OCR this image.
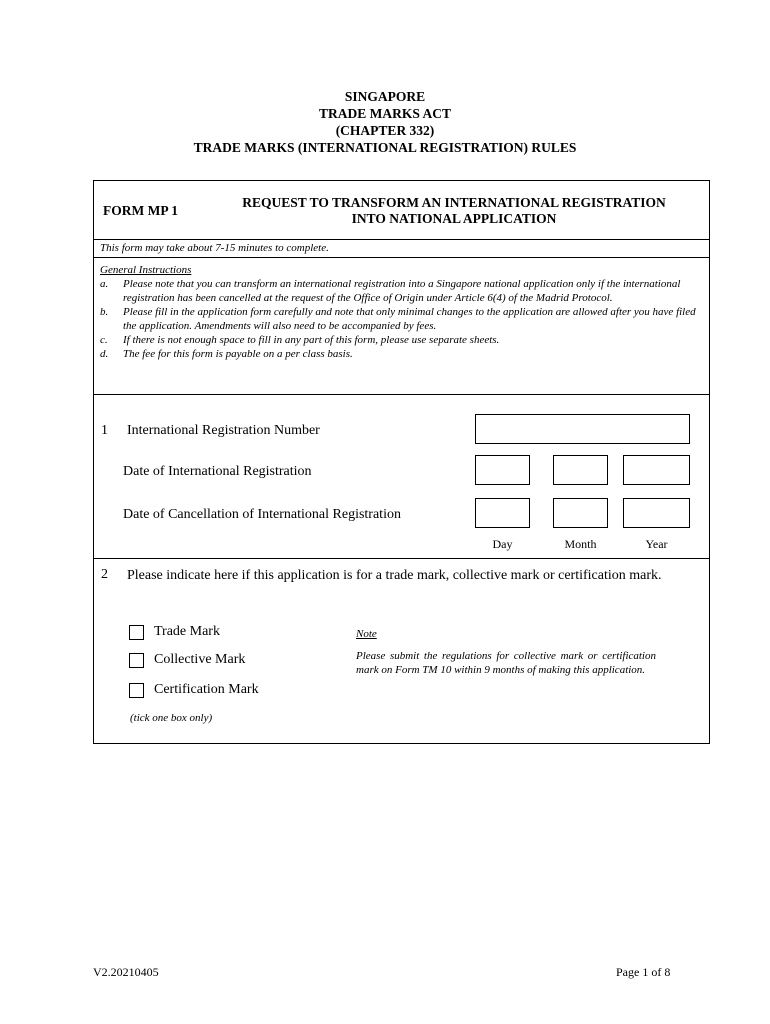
SINGAPORE
TRADE MARKS ACT
(CHAPTER 332)
TRADE MARKS (INTERNATIONAL REGISTRATION) RULES
FORM MP 1
REQUEST TO TRANSFORM AN INTERNATIONAL REGISTRATION
INTO NATIONAL APPLICATION
This form may take about 7-15 minutes to complete.
General Instructions
a.	Please note that you can transform an international registration into a Singapore national application only if the international registration has been cancelled at the request of the Office of Origin under Article 6(4) of the Madrid Protocol.
b.	Please fill in the application form carefully and note that only minimal changes to the application are allowed after you have filed the application. Amendments will also need to be accompanied by fees.
c.	If there is not enough space to fill in any part of this form, please use separate sheets.
d.	The fee for this form is payable on a per class basis.
1 International Registration Number
Date of International Registration
Date of Cancellation of International Registration
Day	Month	Year
2 Please indicate here if this application is for a trade mark, collective mark or certification mark.
Trade Mark
Collective Mark
Certification Mark
(tick one box only)
Note
Please submit the regulations for collective mark or certification mark on Form TM 10 within 9 months of making this application.
V2.20210405	Page 1 of 8
